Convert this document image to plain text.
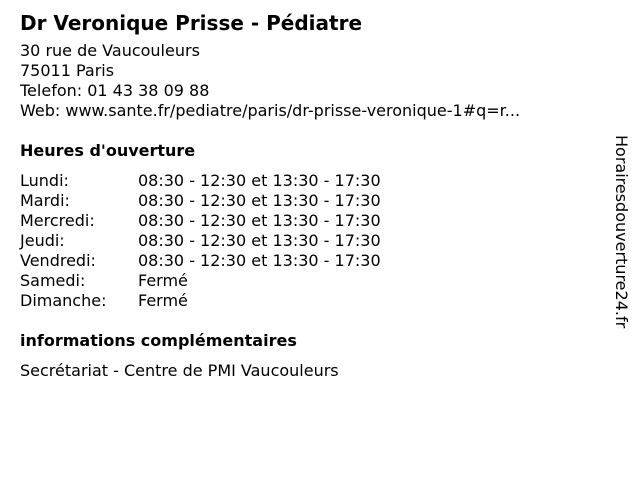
Dr Veronique Prisse - Pédiatre
30 rue de Vaucouleurs
75011 Paris
Telefon: 01 43 38 09 88
Web: www.sante.fr/pediatre/paris/dr-prisse-veronique-1#q=r...
Heures d'ouverture
Lundi:	08:30 - 12:30 et 13:30 - 17:30
Mardi:	08:30 - 12:30 et 13:30 - 17:30
Mercredi:	08:30 - 12:30 et 13:30 - 17:30
Jeudi:	08:30 - 12:30 et 13:30 - 17:30
Vendredi:	08:30 - 12:30 et 13:30 - 17:30
Samedi:	Fermé
Dimanche:	Fermé
informations complémentaires
Secrétariat - Centre de PMI Vaucouleurs
Horairesdouverture24.fr
